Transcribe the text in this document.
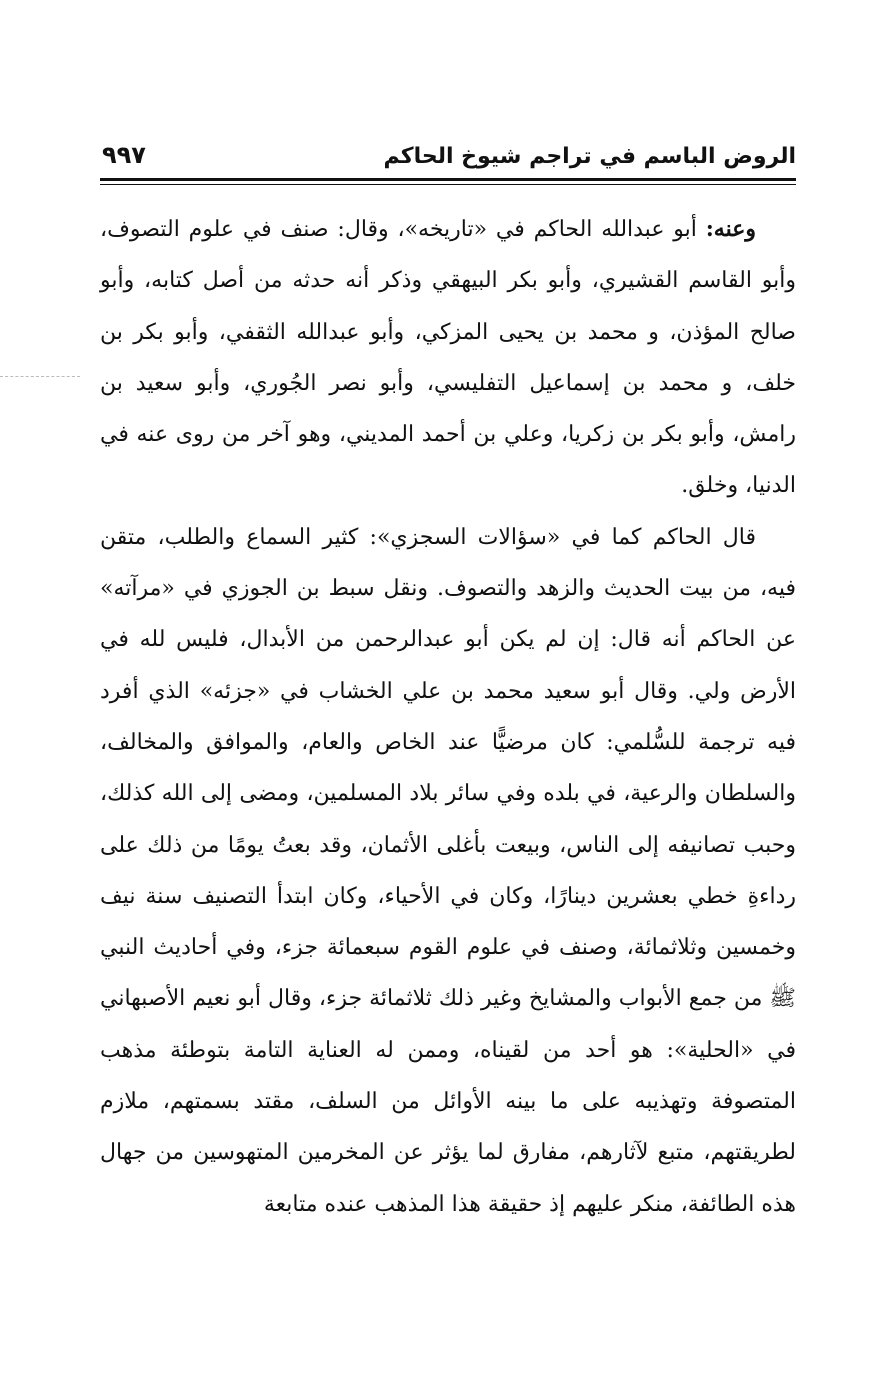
الروض الباسم في تراجم شيوخ الحاكم
٩٩٧

وعنه: أبو عبدالله الحاكم في «تاريخه»، وقال: صنف في علوم التصوف، وأبو القاسم القشيري، وأبو بكر البيهقي وذكر أنه حدثه من أصل كتابه، وأبو صالح المؤذن، و محمد بن يحيى المزكي، وأبو عبدالله الثقفي، وأبو بكر بن خلف، و محمد بن إسماعيل التفليسي، وأبو نصر الجُوري، وأبو سعيد بن رامش، وأبو بكر بن زكريا، وعلي بن أحمد المديني، وهو آخر من روى عنه في الدنيا، وخلق.

قال الحاكم كما في «سؤالات السجزي»: كثير السماع والطلب، متقن فيه، من بيت الحديث والزهد والتصوف. ونقل سبط بن الجوزي في «مرآته» عن الحاكم أنه قال: إن لم يكن أبو عبدالرحمن من الأبدال، فليس لله في الأرض ولي. وقال أبو سعيد محمد بن علي الخشاب في «جزئه» الذي أفرد فيه ترجمة للسُّلمي: كان مرضيًّا عند الخاص والعام، والموافق والمخالف، والسلطان والرعية، في بلده وفي سائر بلاد المسلمين، ومضى إلى الله كذلك، وحبب تصانيفه إلى الناس، وبيعت بأغلى الأثمان، وقد بعتُ يومًا من ذلك على رداءةِ خطي بعشرين دينارًا، وكان في الأحياء، وكان ابتدأ التصنيف سنة نيف وخمسين وثلاثمائة، وصنف في علوم القوم سبعمائة جزء، وفي أحاديث النبي ﷺ من جمع الأبواب والمشايخ وغير ذلك ثلاثمائة جزء، وقال أبو نعيم الأصبهاني في «الحلية»: هو أحد من لقيناه، وممن له العناية التامة بتوطئة مذهب المتصوفة وتهذيبه على ما بينه الأوائل من السلف، مقتد بسمتهم، ملازم لطريقتهم، متبع لآثارهم، مفارق لما يؤثر عن المخرمين المتهوسين من جهال هذه الطائفة، منكر عليهم إذ حقيقة هذا المذهب عنده متابعة
